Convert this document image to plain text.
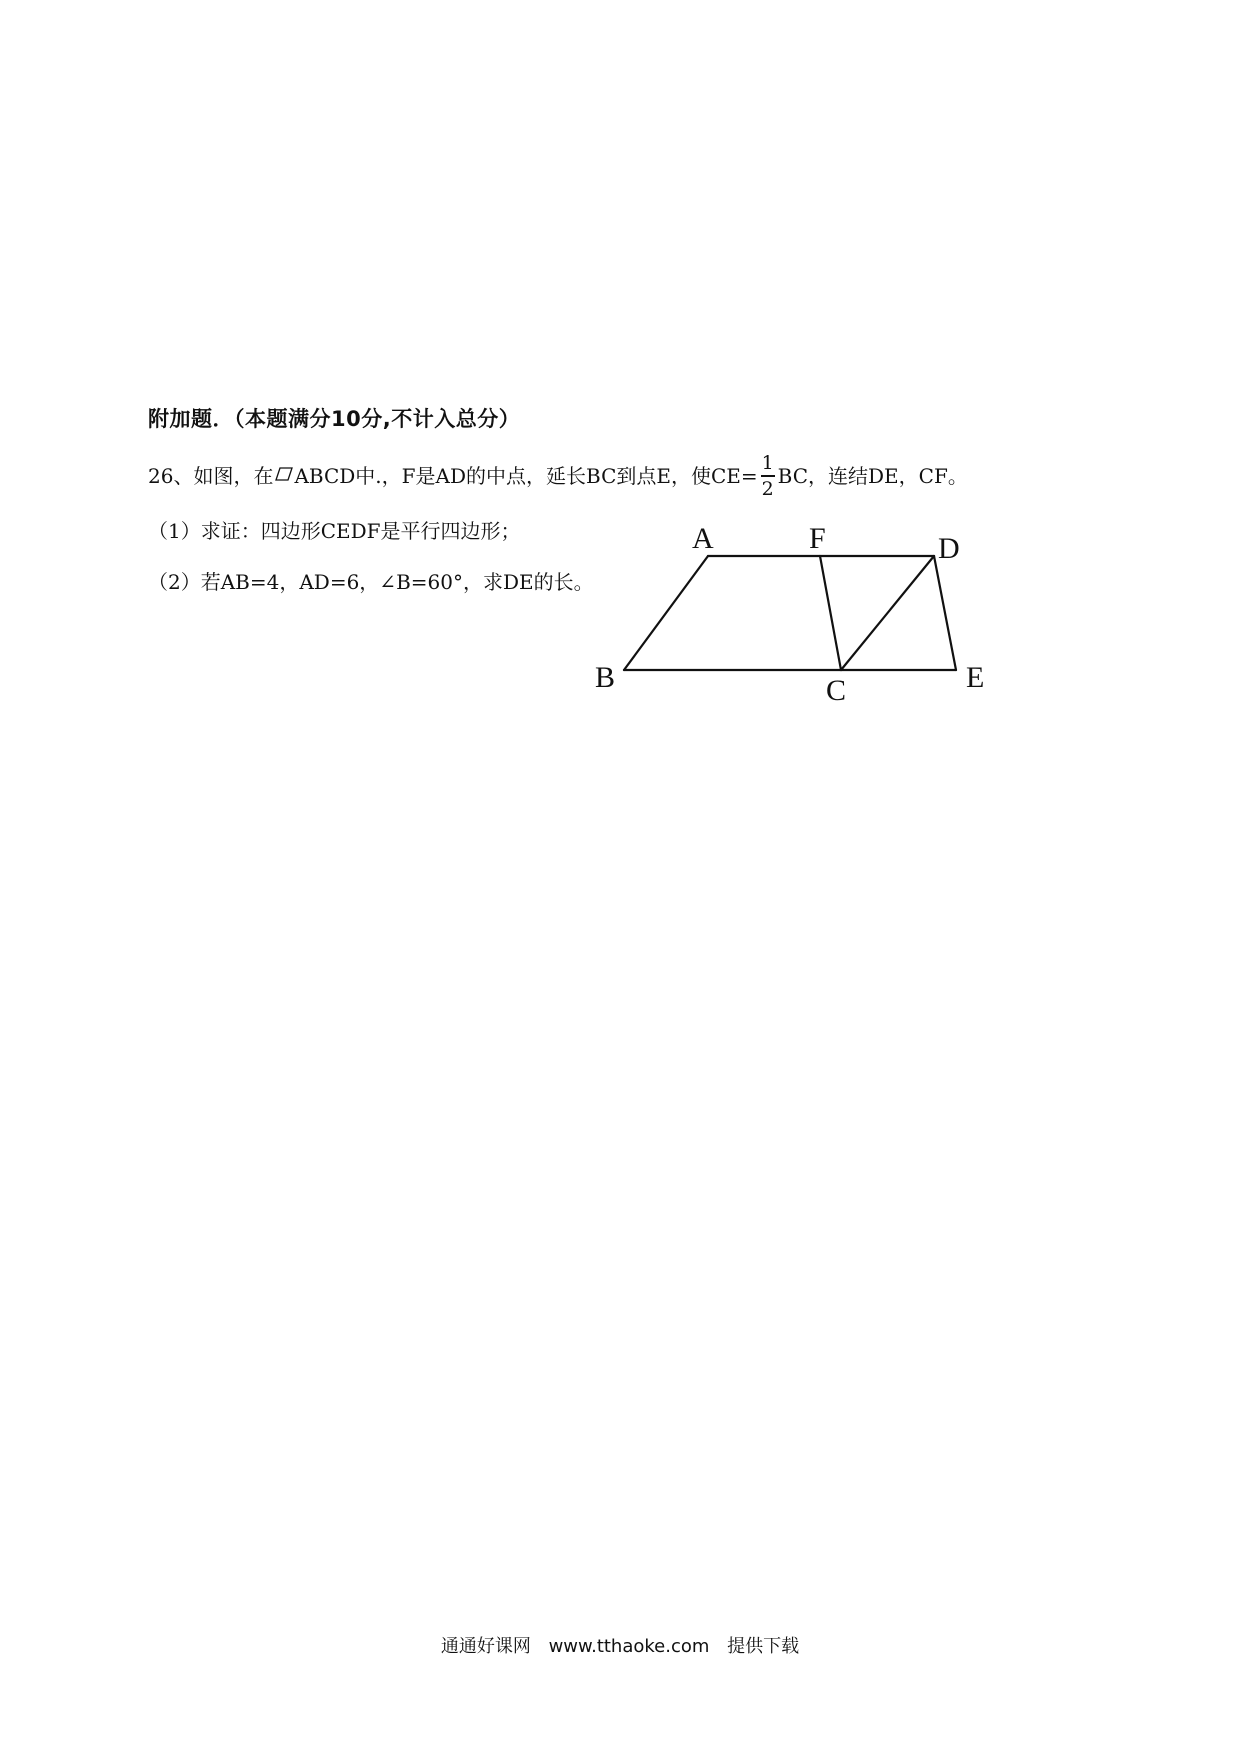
附加题．（本题满分10分,不计入总分）
26、如图，在 ABCD中.，F是AD的中点，延长BC到点E，使$CE= \frac{1}{2}$ BC，连结DE，CF。
（1）求证：四边形CEDF是平行四边形；
（2）若AB=4，AD=6，∠B=60°，求DE的长。
A	F	D
B	C	E
通通好课网 www.tthaoke.com 提供下载
